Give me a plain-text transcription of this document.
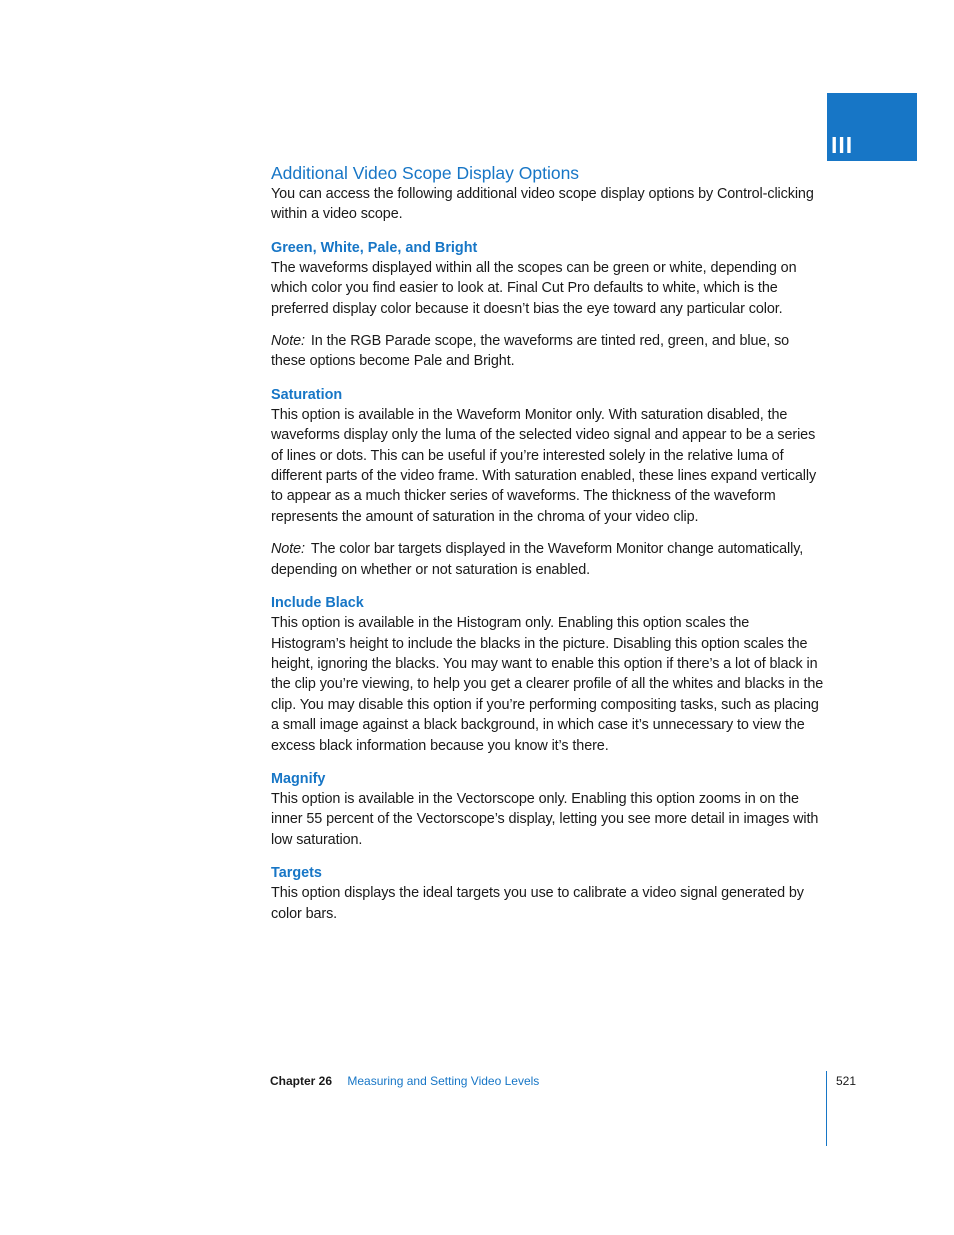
III
Additional Video Scope Display Options

You can access the following additional video scope display options by Control-clicking within a video scope.

Green, White, Pale, and Bright

The waveforms displayed within all the scopes can be green or white, depending on which color you find easier to look at. Final Cut Pro defaults to white, which is the preferred display color because it doesn’t bias the eye toward any particular color.

Note: In the RGB Parade scope, the waveforms are tinted red, green, and blue, so these options become Pale and Bright.

Saturation

This option is available in the Waveform Monitor only. With saturation disabled, the waveforms display only the luma of the selected video signal and appear to be a series of lines or dots. This can be useful if you’re interested solely in the relative luma of different parts of the video frame. With saturation enabled, these lines expand vertically to appear as a much thicker series of waveforms. The thickness of the waveform represents the amount of saturation in the chroma of your video clip.

Note: The color bar targets displayed in the Waveform Monitor change automatically, depending on whether or not saturation is enabled.

Include Black

This option is available in the Histogram only. Enabling this option scales the Histogram’s height to include the blacks in the picture. Disabling this option scales the height, ignoring the blacks. You may want to enable this option if there’s a lot of black in the clip you’re viewing, to help you get a clearer profile of all the whites and blacks in the clip. You may disable this option if you’re performing compositing tasks, such as placing a small image against a black background, in which case it’s unnecessary to view the excess black information because you know it’s there.

Magnify

This option is available in the Vectorscope only. Enabling this option zooms in on the inner 55 percent of the Vectorscope’s display, letting you see more detail in images with low saturation.

Targets

This option displays the ideal targets you use to calibrate a video signal generated by color bars.

Chapter 26 Measuring and Setting Video Levels	521
